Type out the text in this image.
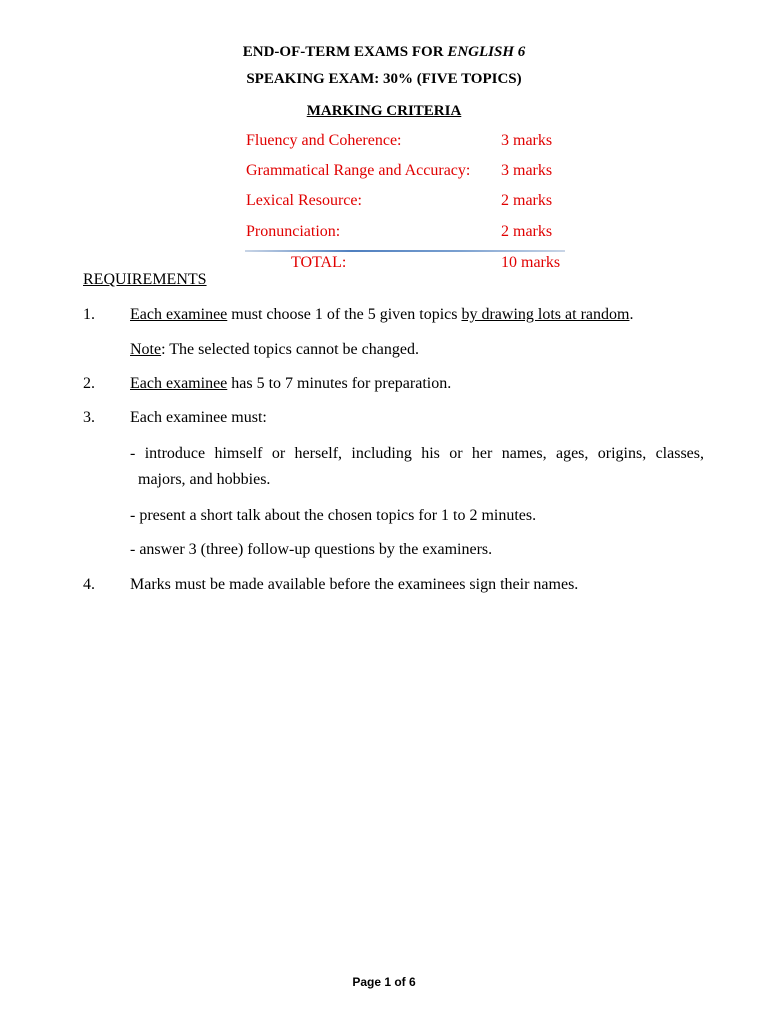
END-OF-TERM EXAMS FOR ENGLISH 6
SPEAKING EXAM: 30% (FIVE TOPICS)
MARKING CRITERIA
Fluency and Coherence:	3 marks
Grammatical Range and Accuracy: 3 marks
Lexical Resource:	2 marks
Pronunciation:	2 marks
TOTAL:	10 marks
REQUIREMENTS
1. Each examinee must choose 1 of the 5 given topics by drawing lots at random.
Note: The selected topics cannot be changed.
2. Each examinee has 5 to 7 minutes for preparation.
3. Each examinee must:
- introduce himself or herself, including his or her names, ages, origins, classes,
majors, and hobbies.
- present a short talk about the chosen topics for 1 to 2 minutes.
- answer 3 (three) follow-up questions by the examiners.
4. Marks must be made available before the examinees sign their names.
Page 1 of 6
